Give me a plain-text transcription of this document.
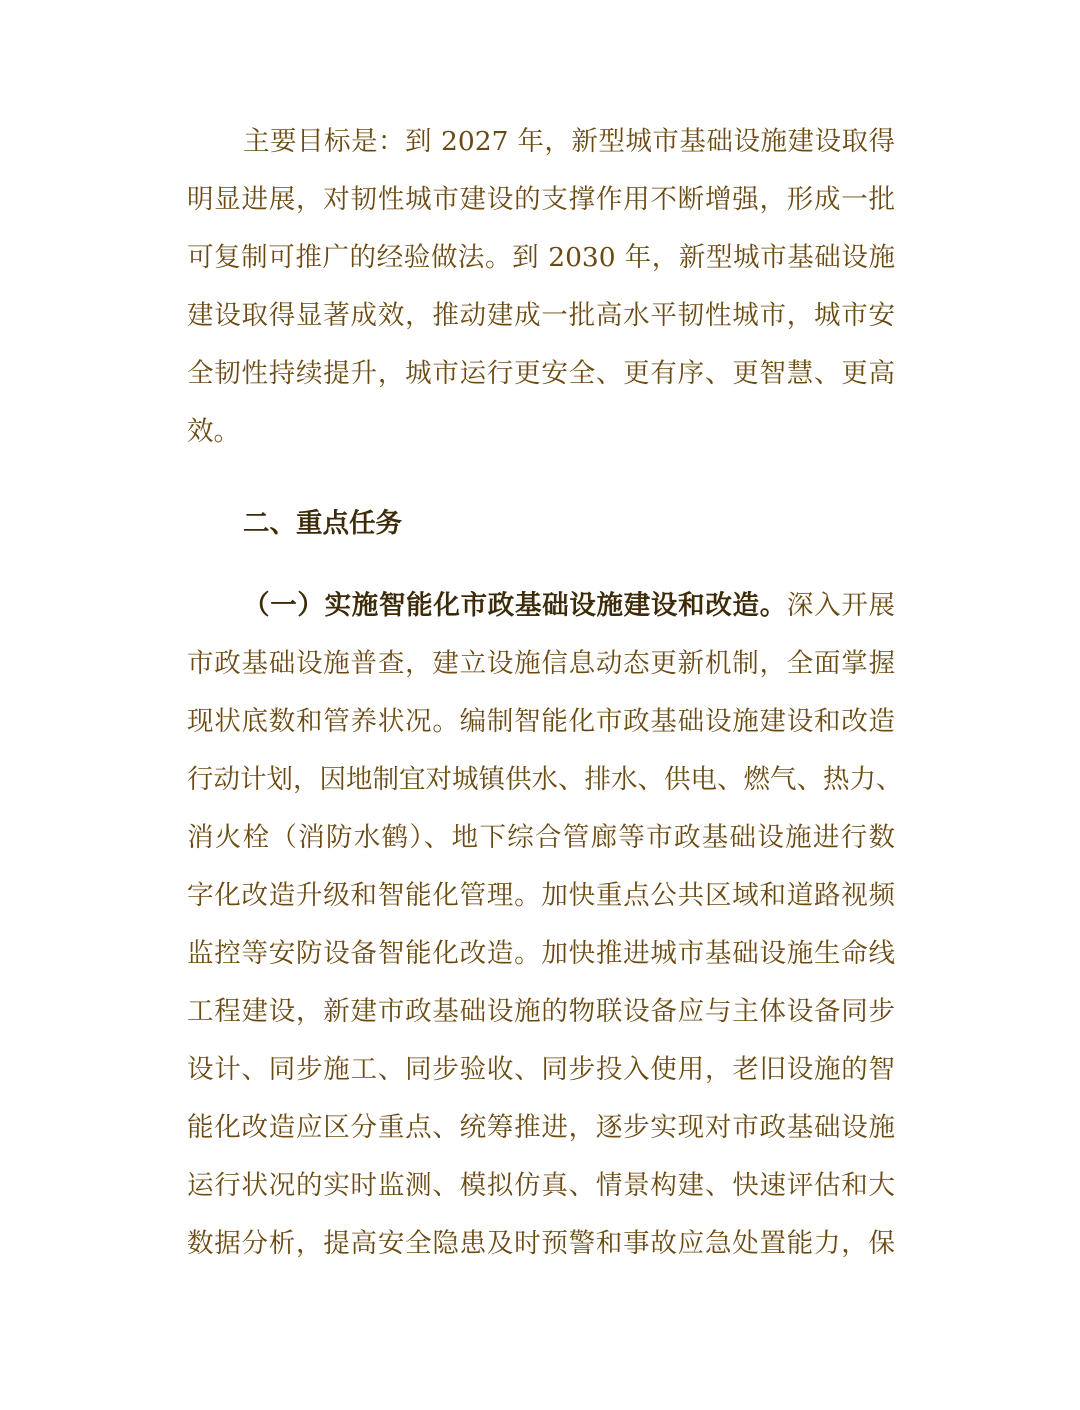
主要目标是：到 2027 年，新型城市基础设施建设取得
明显进展，对韧性城市建设的支撑作用不断增强，形成一批
可复制可推广的经验做法。到 2030 年，新型城市基础设施
建设取得显著成效，推动建成一批高水平韧性城市，城市安
全韧性持续提升，城市运行更安全、更有序、更智慧、更高
效。
二、重点任务
（一）实施智能化市政基础设施建设和改造。深入开展
市政基础设施普查，建立设施信息动态更新机制，全面掌握
现状底数和管养状况。编制智能化市政基础设施建设和改造
行动计划，因地制宜对城镇供水、排水、供电、燃气、热力、
消火栓（消防水鹤）、地下综合管廊等市政基础设施进行数
字化改造升级和智能化管理。加快重点公共区域和道路视频
监控等安防设备智能化改造。加快推进城市基础设施生命线
工程建设，新建市政基础设施的物联设备应与主体设备同步
设计、同步施工、同步验收、同步投入使用，老旧设施的智
能化改造应区分重点、统筹推进，逐步实现对市政基础设施
运行状况的实时监测、模拟仿真、情景构建、快速评估和大
数据分析，提高安全隐患及时预警和事故应急处置能力，保
